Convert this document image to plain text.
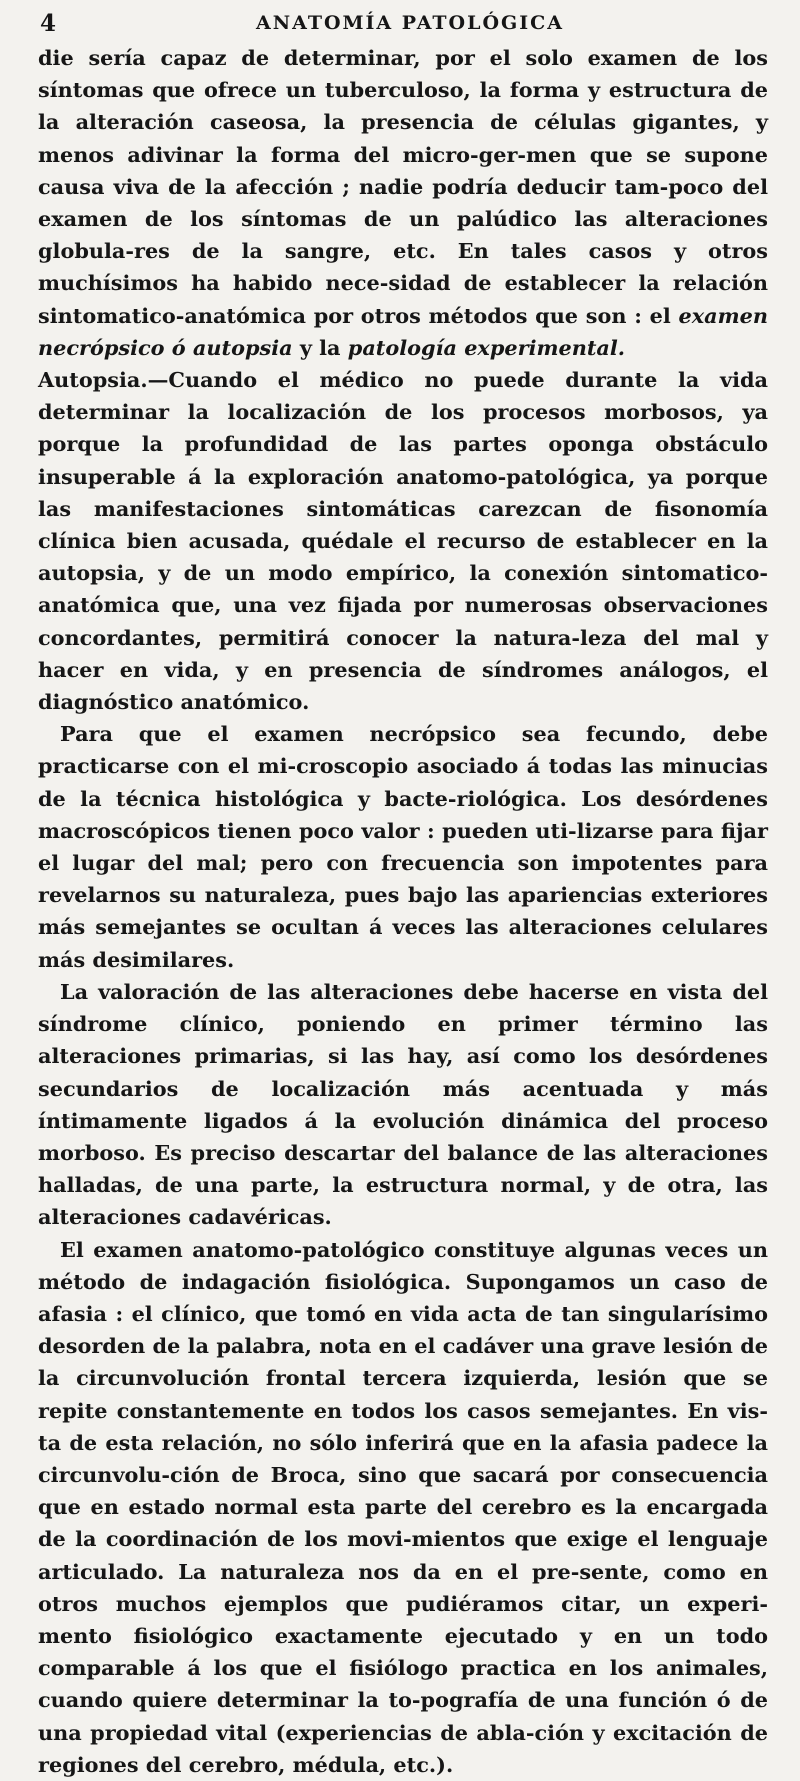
4	ANATOMÍA PATOLÓGICA

die sería capaz de determinar, por el solo examen de los síntomas que ofrece un tuberculoso, la forma y estructura de la alteración caseosa, la presencia de células gigantes, y menos adivinar la forma del micro-ger-men que se supone causa viva de la afección ; nadie podría deducir tam-poco del examen de los síntomas de un palúdico las alteraciones globula-res de la sangre, etc. En tales casos y otros muchísimos ha habido nece-sidad de establecer la relación sintomatico-anatómica por otros métodos que son : el examen necrópsico ó autopsia y la patología experimental.
Autopsia.—Cuando el médico no puede durante la vida determinar la localización de los procesos morbosos, ya porque la profundidad de las partes oponga obstáculo insuperable á la exploración anatomo-patológica, ya porque las manifestaciones sintomáticas carezcan de fisonomía clínica bien acusada, quédale el recurso de establecer en la autopsia, y de un modo empírico, la conexión sintomatico-anatómica que, una vez fijada por numerosas observaciones concordantes, permitirá conocer la natura-leza del mal y hacer en vida, y en presencia de síndromes análogos, el diagnóstico anatómico.

Para que el examen necrópsico sea fecundo, debe practicarse con el mi-croscopio asociado á todas las minucias de la técnica histológica y bacte-riológica. Los desórdenes macroscópicos tienen poco valor : pueden uti-lizarse para fijar el lugar del mal; pero con frecuencia son impotentes para revelarnos su naturaleza, pues bajo las apariencias exteriores más semejantes se ocultan á veces las alteraciones celulares más desimilares.

La valoración de las alteraciones debe hacerse en vista del síndrome clínico, poniendo en primer término las alteraciones primarias, si las hay, así como los desórdenes secundarios de localización más acentuada y más íntimamente ligados á la evolución dinámica del proceso morboso. Es preciso descartar del balance de las alteraciones halladas, de una parte, la estructura normal, y de otra, las alteraciones cadavéricas.

El examen anatomo-patológico constituye algunas veces un método de indagación fisiológica. Supongamos un caso de afasia : el clínico, que tomó en vida acta de tan singularísimo desorden de la palabra, nota en el cadáver una grave lesión de la circunvolución frontal tercera izquierda, lesión que se repite constantemente en todos los casos semejantes. En vis-ta de esta relación, no sólo inferirá que en la afasia padece la circunvolu-ción de Broca, sino que sacará por consecuencia que en estado normal esta parte del cerebro es la encargada de la coordinación de los movi-mientos que exige el lenguaje articulado. La naturaleza nos da en el pre-sente, como en otros muchos ejemplos que pudiéramos citar, un experi-mento fisiológico exactamente ejecutado y en un todo comparable á los que el fisiólogo practica en los animales, cuando quiere determinar la to-pografía de una función ó de una propiedad vital (experiencias de abla-ción y excitación de regiones del cerebro, médula, etc.).
